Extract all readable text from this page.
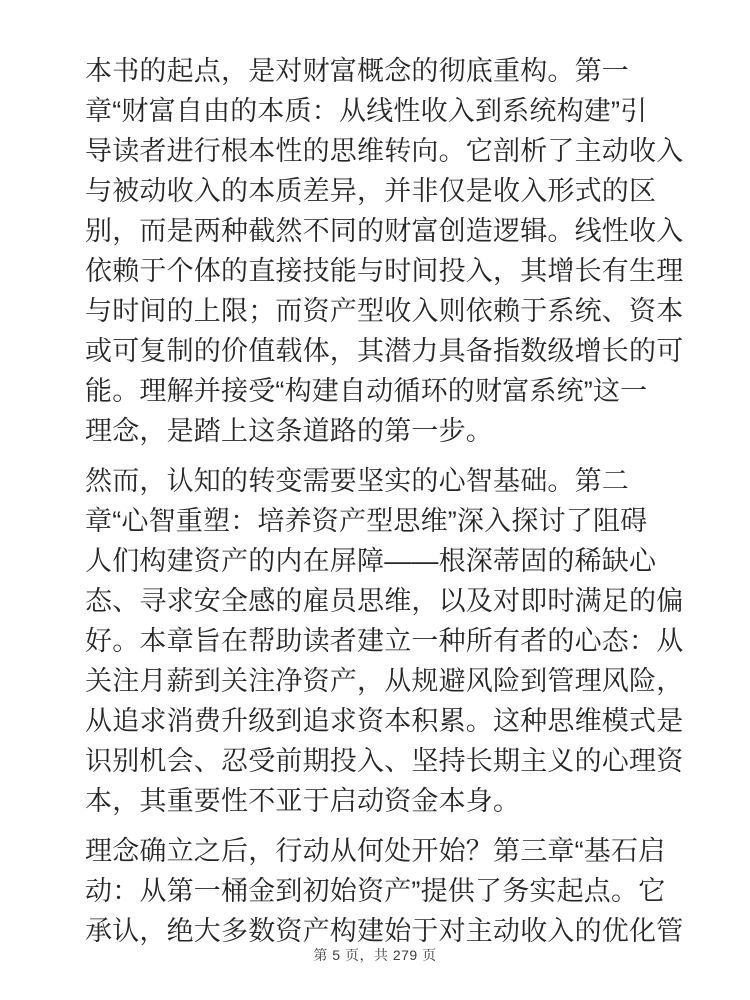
本书的起点，是对财富概念的彻底重构。第一
章“财富自由的本质：从线性收入到系统构建”引
导读者进行根本性的思维转向。它剖析了主动收入
与被动收入的本质差异，并非仅是收入形式的区
别，而是两种截然不同的财富创造逻辑。线性收入
依赖于个体的直接技能与时间投入，其增长有生理
与时间的上限；而资产型收入则依赖于系统、资本
或可复制的价值载体，其潜力具备指数级增长的可
能。理解并接受“构建自动循环的财富系统”这一
理念，是踏上这条道路的第一步。
然而，认知的转变需要坚实的心智基础。第二
章“心智重塑：培养资产型思维”深入探讨了阻碍
人们构建资产的内在屏障——根深蒂固的稀缺心
态、寻求安全感的雇员思维，以及对即时满足的偏
好。本章旨在帮助读者建立一种所有者的心态：从
关注月薪到关注净资产，从规避风险到管理风险，
从追求消费升级到追求资本积累。这种思维模式是
识别机会、忍受前期投入、坚持长期主义的心理资
本，其重要性不亚于启动资金本身。
理念确立之后，行动从何处开始？第三章“基石启
动：从第一桶金到初始资产”提供了务实起点。它
承认，绝大多数资产构建始于对主动收入的优化管
第 5 页，共 279 页
